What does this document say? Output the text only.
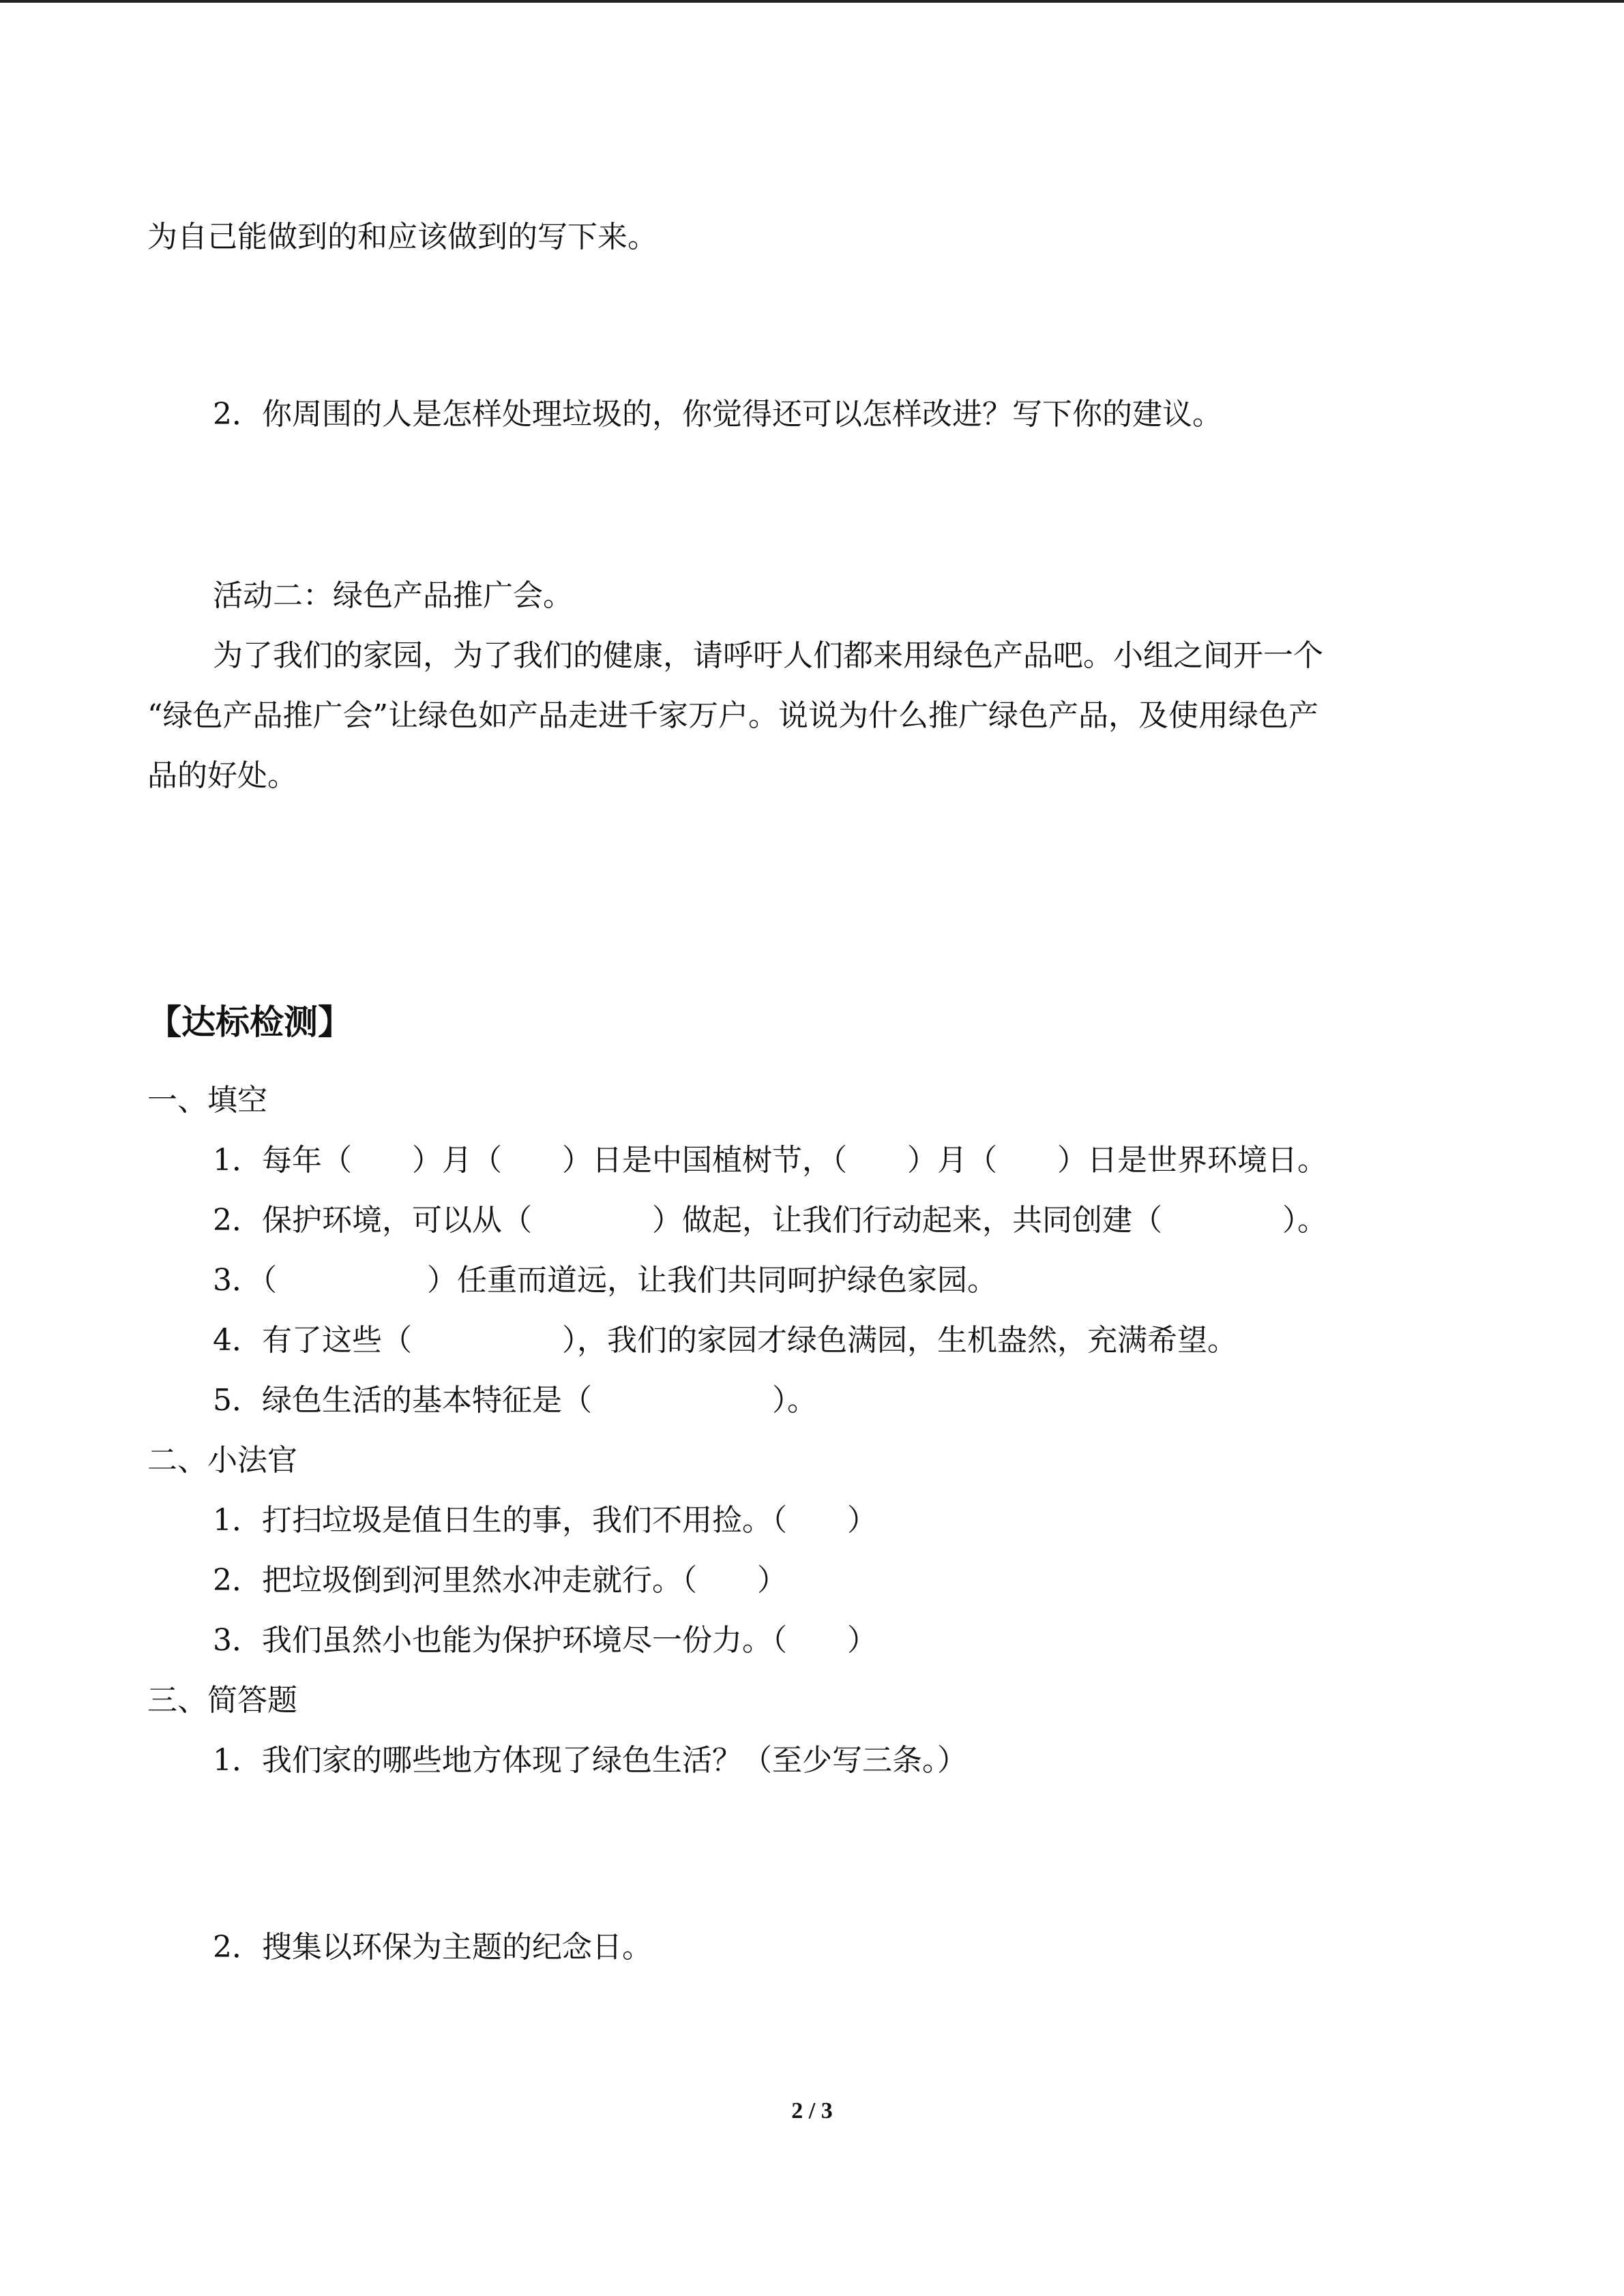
为自己能做到的和应该做到的写下来。

2．你周围的人是怎样处理垃圾的，你觉得还可以怎样改进？写下你的建议。

活动二：绿色产品推广会。

为了我们的家园，为了我们的健康，请呼吁人们都来用绿色产品吧。小组之间开一个

“绿色产品推广会”让绿色如产品走进千家万户。说说为什么推广绿色产品，及使用绿色产

品的好处。

【达标检测】

一、填空

1．每年（　　）月（　　）日是中国植树节，（　　）月（　　）日是世界环境日。

2．保护环境，可以从（　　　　）做起，让我们行动起来，共同创建（　　　　）。

3．（　　　　　）任重而道远，让我们共同呵护绿色家园。

4．有了这些（　　　　　），我们的家园才绿色满园，生机盎然，充满希望。

5．绿色生活的基本特征是（　　　　　　）。

二、小法官

1．打扫垃圾是值日生的事，我们不用捡。（　　）

2．把垃圾倒到河里然水冲走就行。（　　）

3．我们虽然小也能为保护环境尽一份力。（　　）

三、简答题

1．我们家的哪些地方体现了绿色生活？（至少写三条。）

2．搜集以环保为主题的纪念日。

2 / 3
